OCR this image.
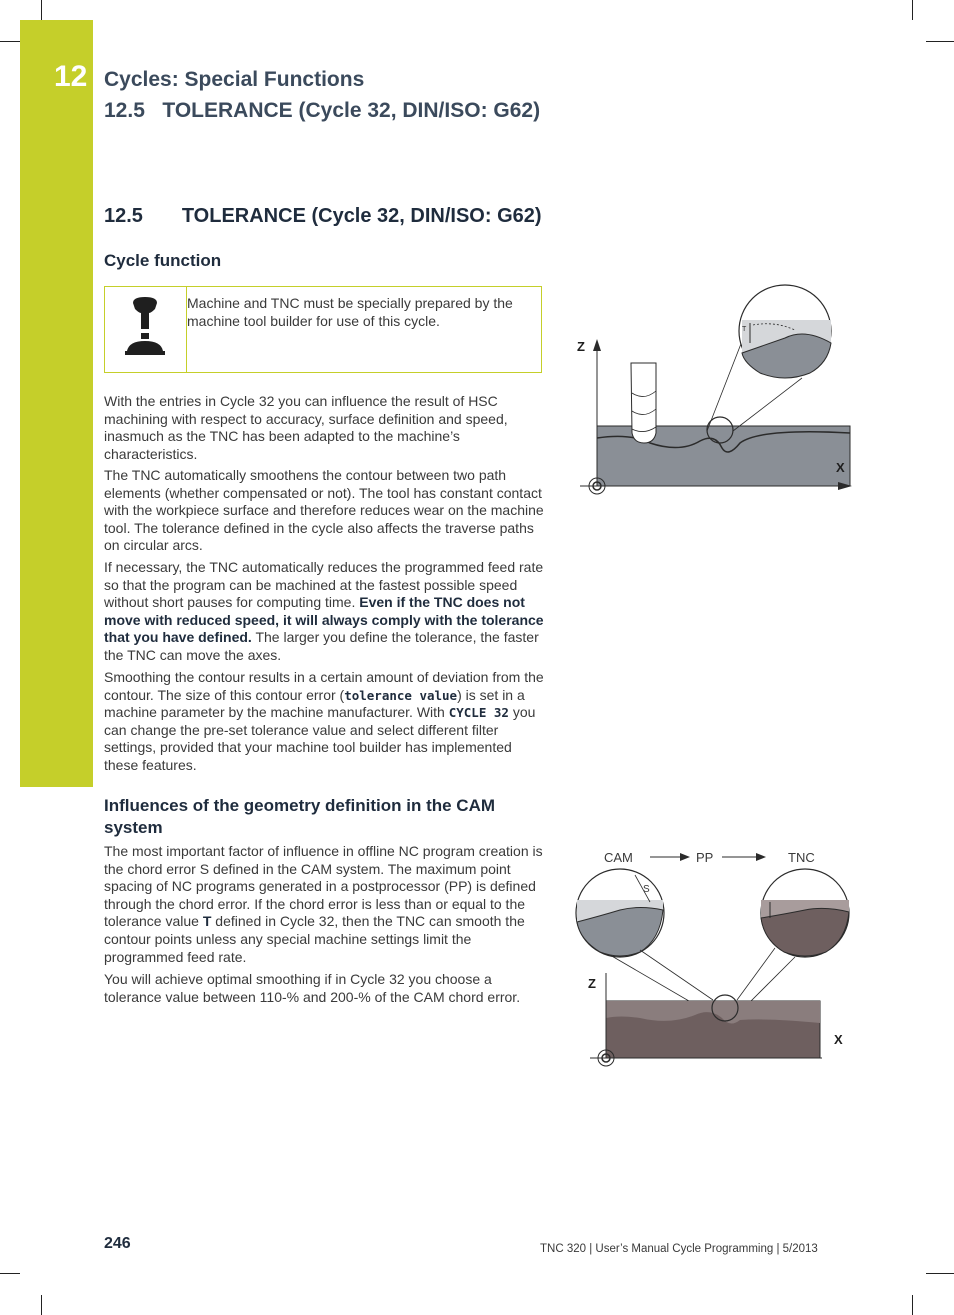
12 Cycles: Special Functions
12.5   TOLERANCE (Cycle 32, DIN/ISO: G62)
12.5       TOLERANCE (Cycle 32, DIN/ISO: G62)
Cycle function
Machine and TNC must be specially prepared by the machine tool builder for use of this cycle.

With the entries in Cycle 32 you can influence the result of HSC machining with respect to accuracy, surface definition and speed, inasmuch as the TNC has been adapted to the machine’s characteristics.

The TNC automatically smoothens the contour between two path elements (whether compensated or not). The tool has constant contact with the workpiece surface and therefore reduces wear on the machine tool. The tolerance defined in the cycle also affects the traverse paths on circular arcs.

If necessary, the TNC automatically reduces the programmed feed rate so that the program can be machined at the fastest possible speed without short pauses for computing time. Even if the TNC does not move with reduced speed, it will always comply with the tolerance that you have defined. The larger you define the tolerance, the faster the TNC can move the axes.

Smoothing the contour results in a certain amount of deviation from the contour. The size of this contour error (tolerance value) is set in a machine parameter by the machine manufacturer. With CYCLE 32 you can change the pre-set tolerance value and select different filter settings, provided that your machine tool builder has implemented these features.

Influences of the geometry definition in the CAM system

The most important factor of influence in offline NC program creation is the chord error S defined in the CAM system. The maximum point spacing of NC programs generated in a postprocessor (PP) is defined through the chord error. If the chord error is less than or equal to the tolerance value T defined in Cycle 32, then the TNC can smooth the contour points unless any special machine settings limit the programmed feed rate.

You will achieve optimal smoothing if in Cycle 32 you choose a tolerance value between 110-% and 200-% of the CAM chord error.

T
Z
X
CAM	PP	TNC
S
Z
X
246	TNC 320 | User’s Manual Cycle Programming | 5/2013
